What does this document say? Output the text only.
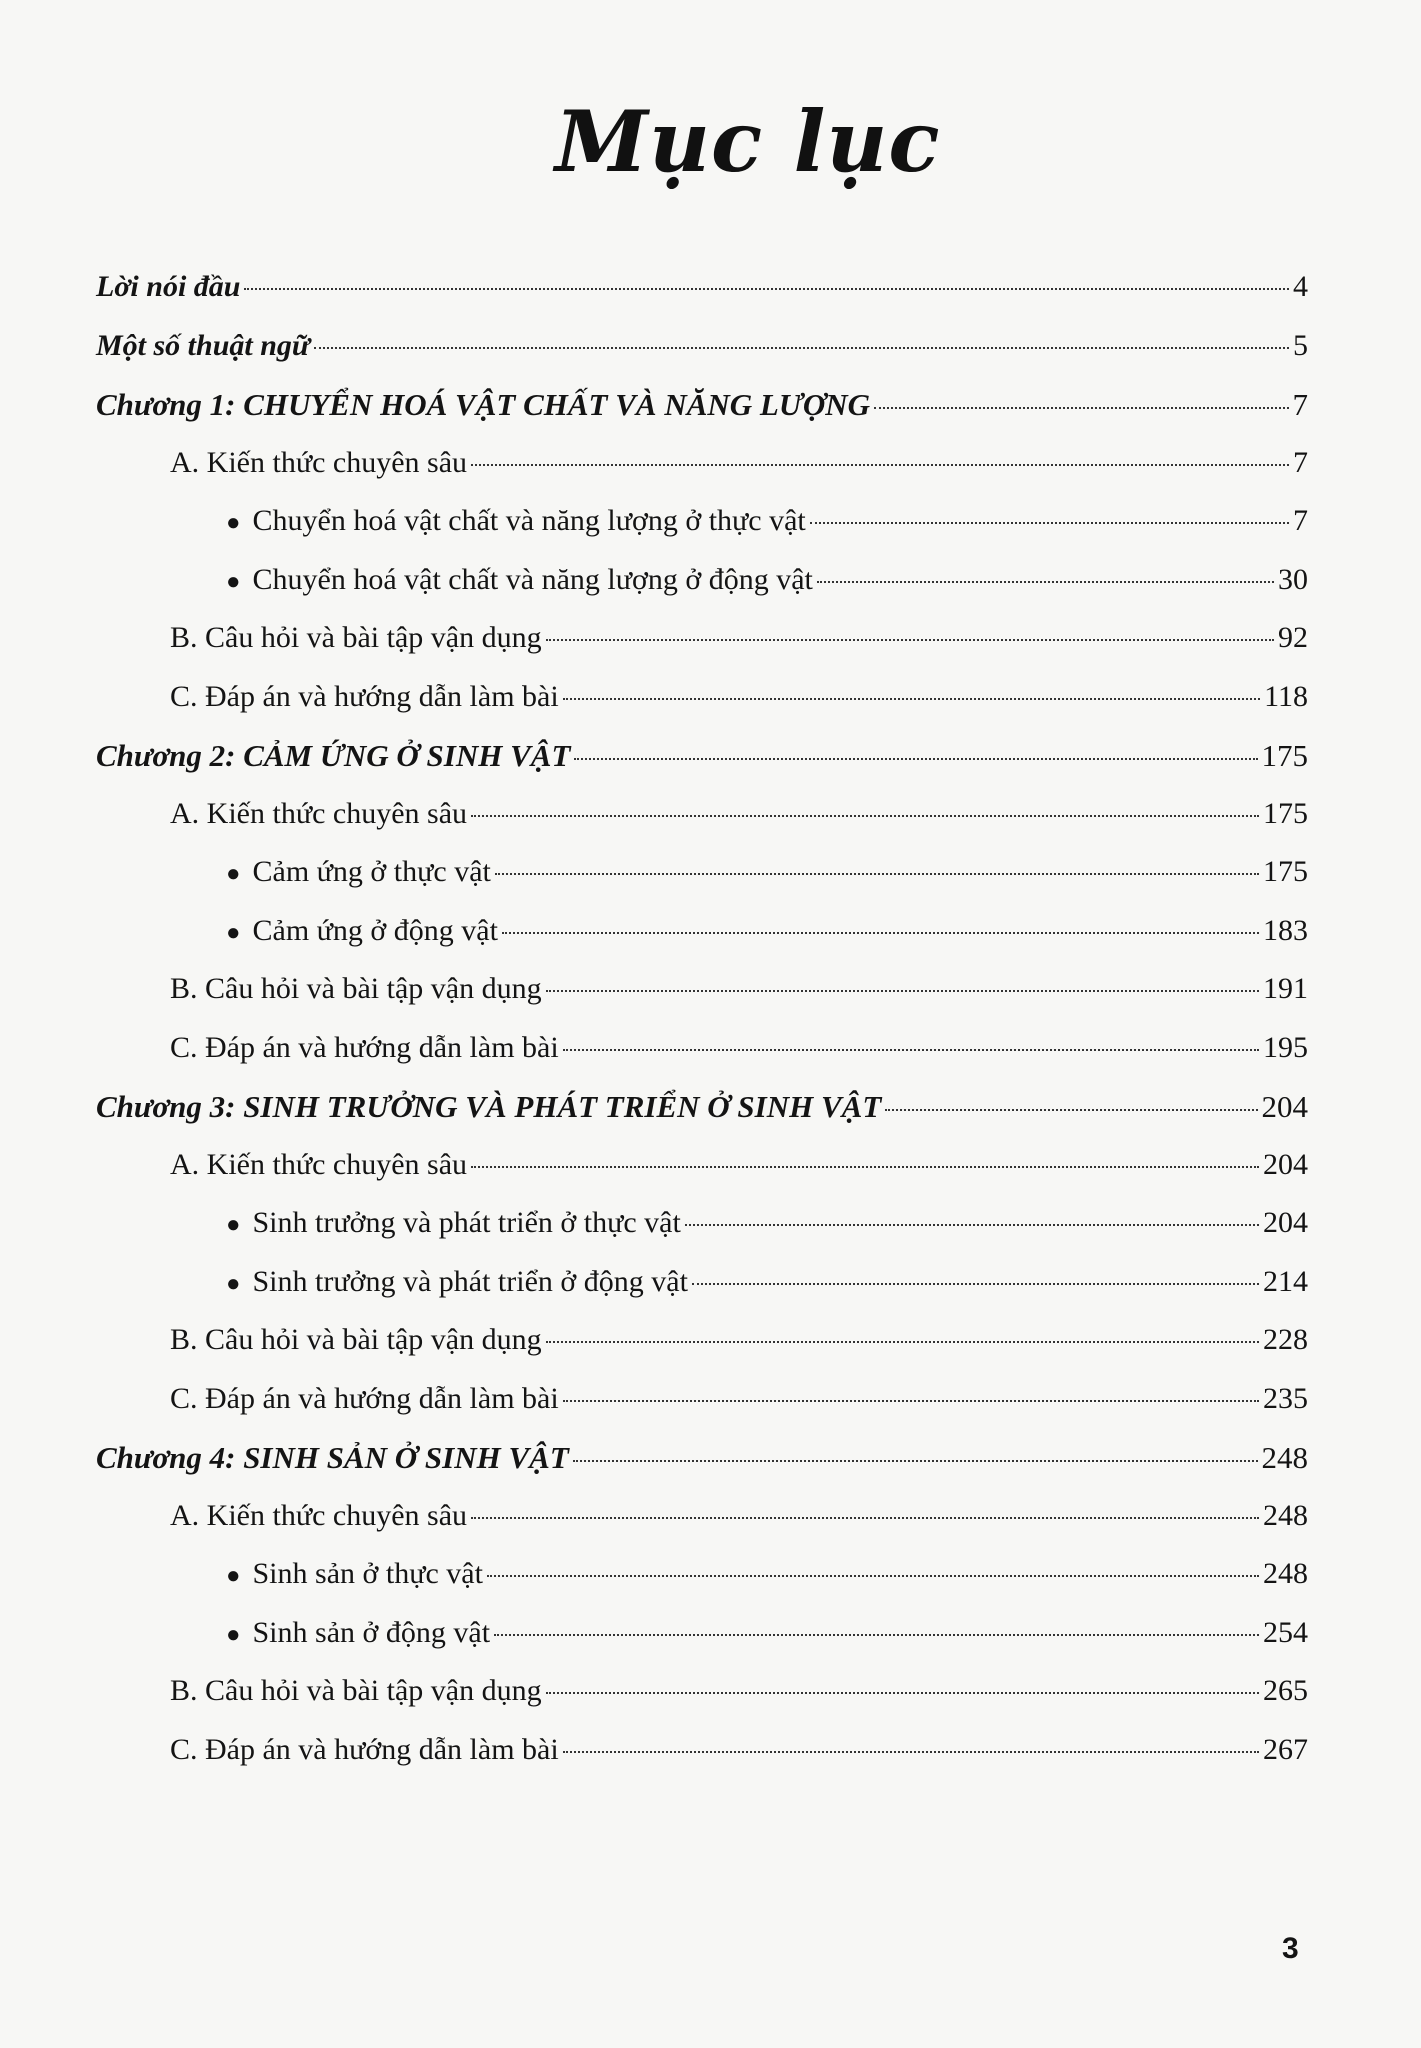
Mục lục
Lời nói đầu	4
Một số thuật ngữ	5
Chương 1: CHUYỂN HOÁ VẬT CHẤT VÀ NĂNG LƯỢNG	7
A. Kiến thức chuyên sâu	7
● Chuyển hoá vật chất và năng lượng ở thực vật	7
● Chuyển hoá vật chất và năng lượng ở động vật	30
B. Câu hỏi và bài tập vận dụng	92
C. Đáp án và hướng dẫn làm bài	118
Chương 2: CẢM ỨNG Ở SINH VẬT	175
A. Kiến thức chuyên sâu	175
● Cảm ứng ở thực vật	175
● Cảm ứng ở động vật	183
B. Câu hỏi và bài tập vận dụng	191
C. Đáp án và hướng dẫn làm bài	195
Chương 3: SINH TRƯỞNG VÀ PHÁT TRIỂN Ở SINH VẬT	204
A. Kiến thức chuyên sâu	204
● Sinh trưởng và phát triển ở thực vật	204
● Sinh trưởng và phát triển ở động vật	214
B. Câu hỏi và bài tập vận dụng	228
C. Đáp án và hướng dẫn làm bài	235
Chương 4: SINH SẢN Ở SINH VẬT	248
A. Kiến thức chuyên sâu	248
● Sinh sản ở thực vật	248
● Sinh sản ở động vật	254
B. Câu hỏi và bài tập vận dụng	265
C. Đáp án và hướng dẫn làm bài	267
3
